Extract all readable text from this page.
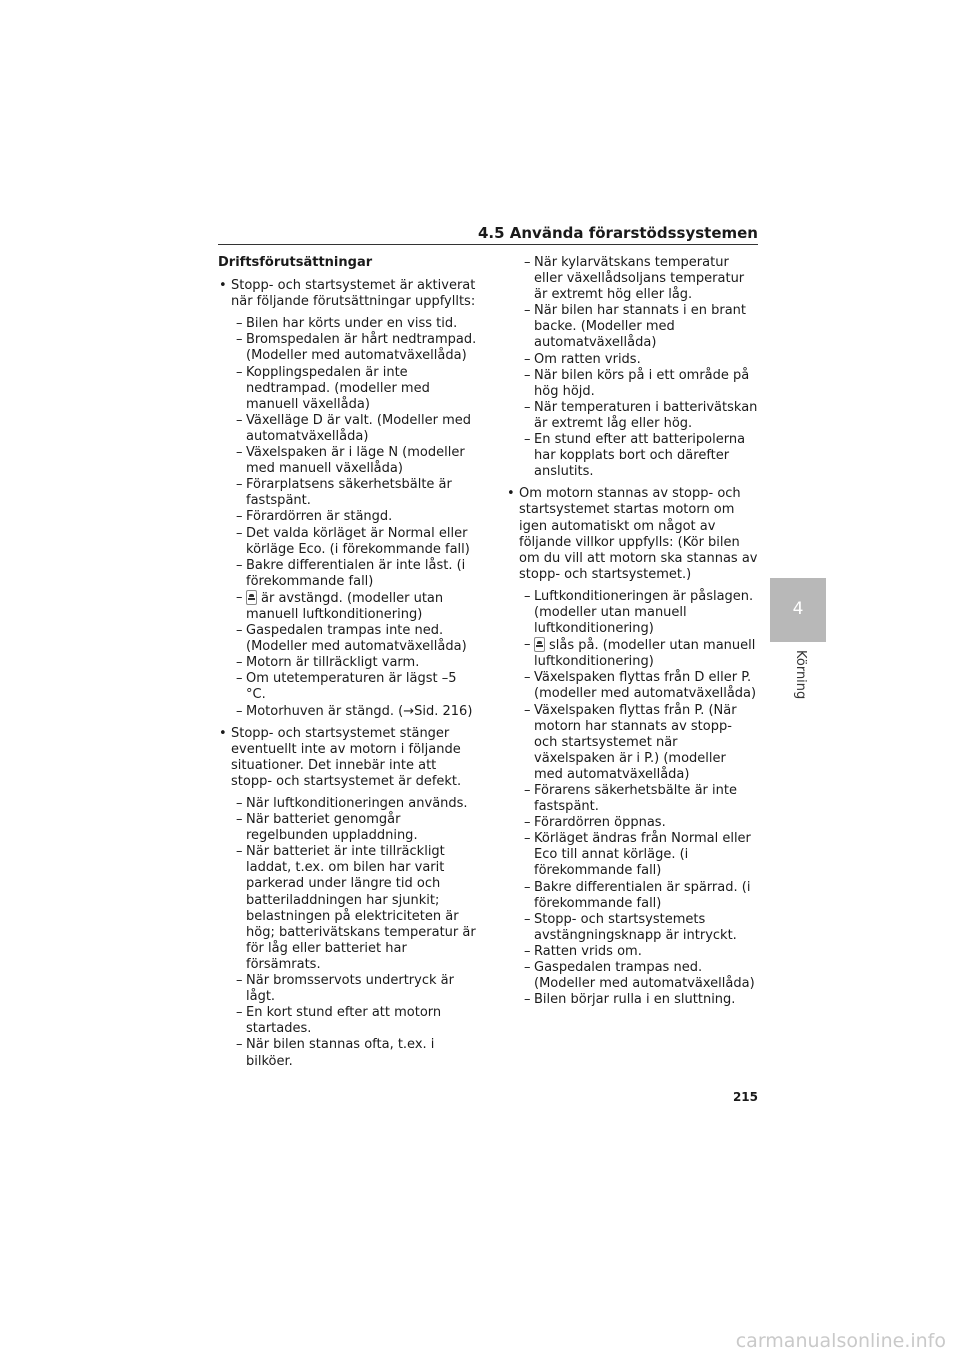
4.5 Använda förarstödssystemen
Driftsförutsättningar
• Stopp- och startsystemet är aktiverat när följande förutsättningar uppfyllts:
– Bilen har körts under en viss tid.
– Bromspedalen är hårt nedtrampad. (Modeller med automatväxellåda)
– Kopplingspedalen är inte nedtrampad. (modeller med manuell växellåda)
– Växelläge D är valt. (Modeller med automatväxellåda)
– Växelspaken är i läge N (modeller med manuell växellåda)
– Förarplatsens säkerhetsbälte är fastspänt.
– Förardörren är stängd.
– Det valda körläget är Normal eller körläge Eco. (i förekommande fall)
– Bakre differentialen är inte låst. (i förekommande fall)
– är avstängd. (modeller utan manuell luftkonditionering)
– Gaspedalen trampas inte ned. (Modeller med automatväxellåda)
– Motorn är tillräckligt varm.
– Om utetemperaturen är lägst –5 °C.
– Motorhuven är stängd. (→Sid. 216)
• Stopp- och startsystemet stänger eventuellt inte av motorn i följande situationer. Det innebär inte att stopp- och startsystemet är defekt.
– När luftkonditioneringen används.
– När batteriet genomgår regelbunden uppladdning.
– När batteriet är inte tillräckligt laddat, t.ex. om bilen har varit parkerad under längre tid och batteriladdningen har sjunkit; belastningen på elektriciteten är hög; batterivätskans temperatur är för låg eller batteriet har försämrats.
– När bromsservots undertryck är lågt.
– En kort stund efter att motorn startades.
– När bilen stannas ofta, t.ex. i bilköer.
– När kylarvätskans temperatur eller växellådsoljans temperatur är extremt hög eller låg.
– När bilen har stannats i en brant backe. (Modeller med automatväxellåda)
– Om ratten vrids.
– När bilen körs på i ett område på hög höjd.
– När temperaturen i batterivätskan är extremt låg eller hög.
– En stund efter att batteripolerna har kopplats bort och därefter anslutits.
• Om motorn stannas av stopp- och startsystemet startas motorn om igen automatiskt om något av följande villkor uppfylls: (Kör bilen om du vill att motorn ska stannas av stopp- och startsystemet.)
– Luftkonditioneringen är påslagen. (modeller utan manuell luftkonditionering)
– slås på. (modeller utan manuell luftkonditionering)
– Växelspaken flyttas från D eller P. (modeller med automatväxellåda)
– Växelspaken flyttas från P. (När motorn har stannats av stopp- och startsystemet när växelspaken är i P.) (modeller med automatväxellåda)
– Förarens säkerhetsbälte är inte fastspänt.
– Förardörren öppnas.
– Körläget ändras från Normal eller Eco till annat körläge. (i förekommande fall)
– Bakre differentialen är spärrad. (i förekommande fall)
– Stopp- och startsystemets avstängningsknapp är intryckt.
– Ratten vrids om.
– Gaspedalen trampas ned. (Modeller med automatväxellåda)
– Bilen börjar rulla i en sluttning.
4
Körning
215
carmanualsonline.info
